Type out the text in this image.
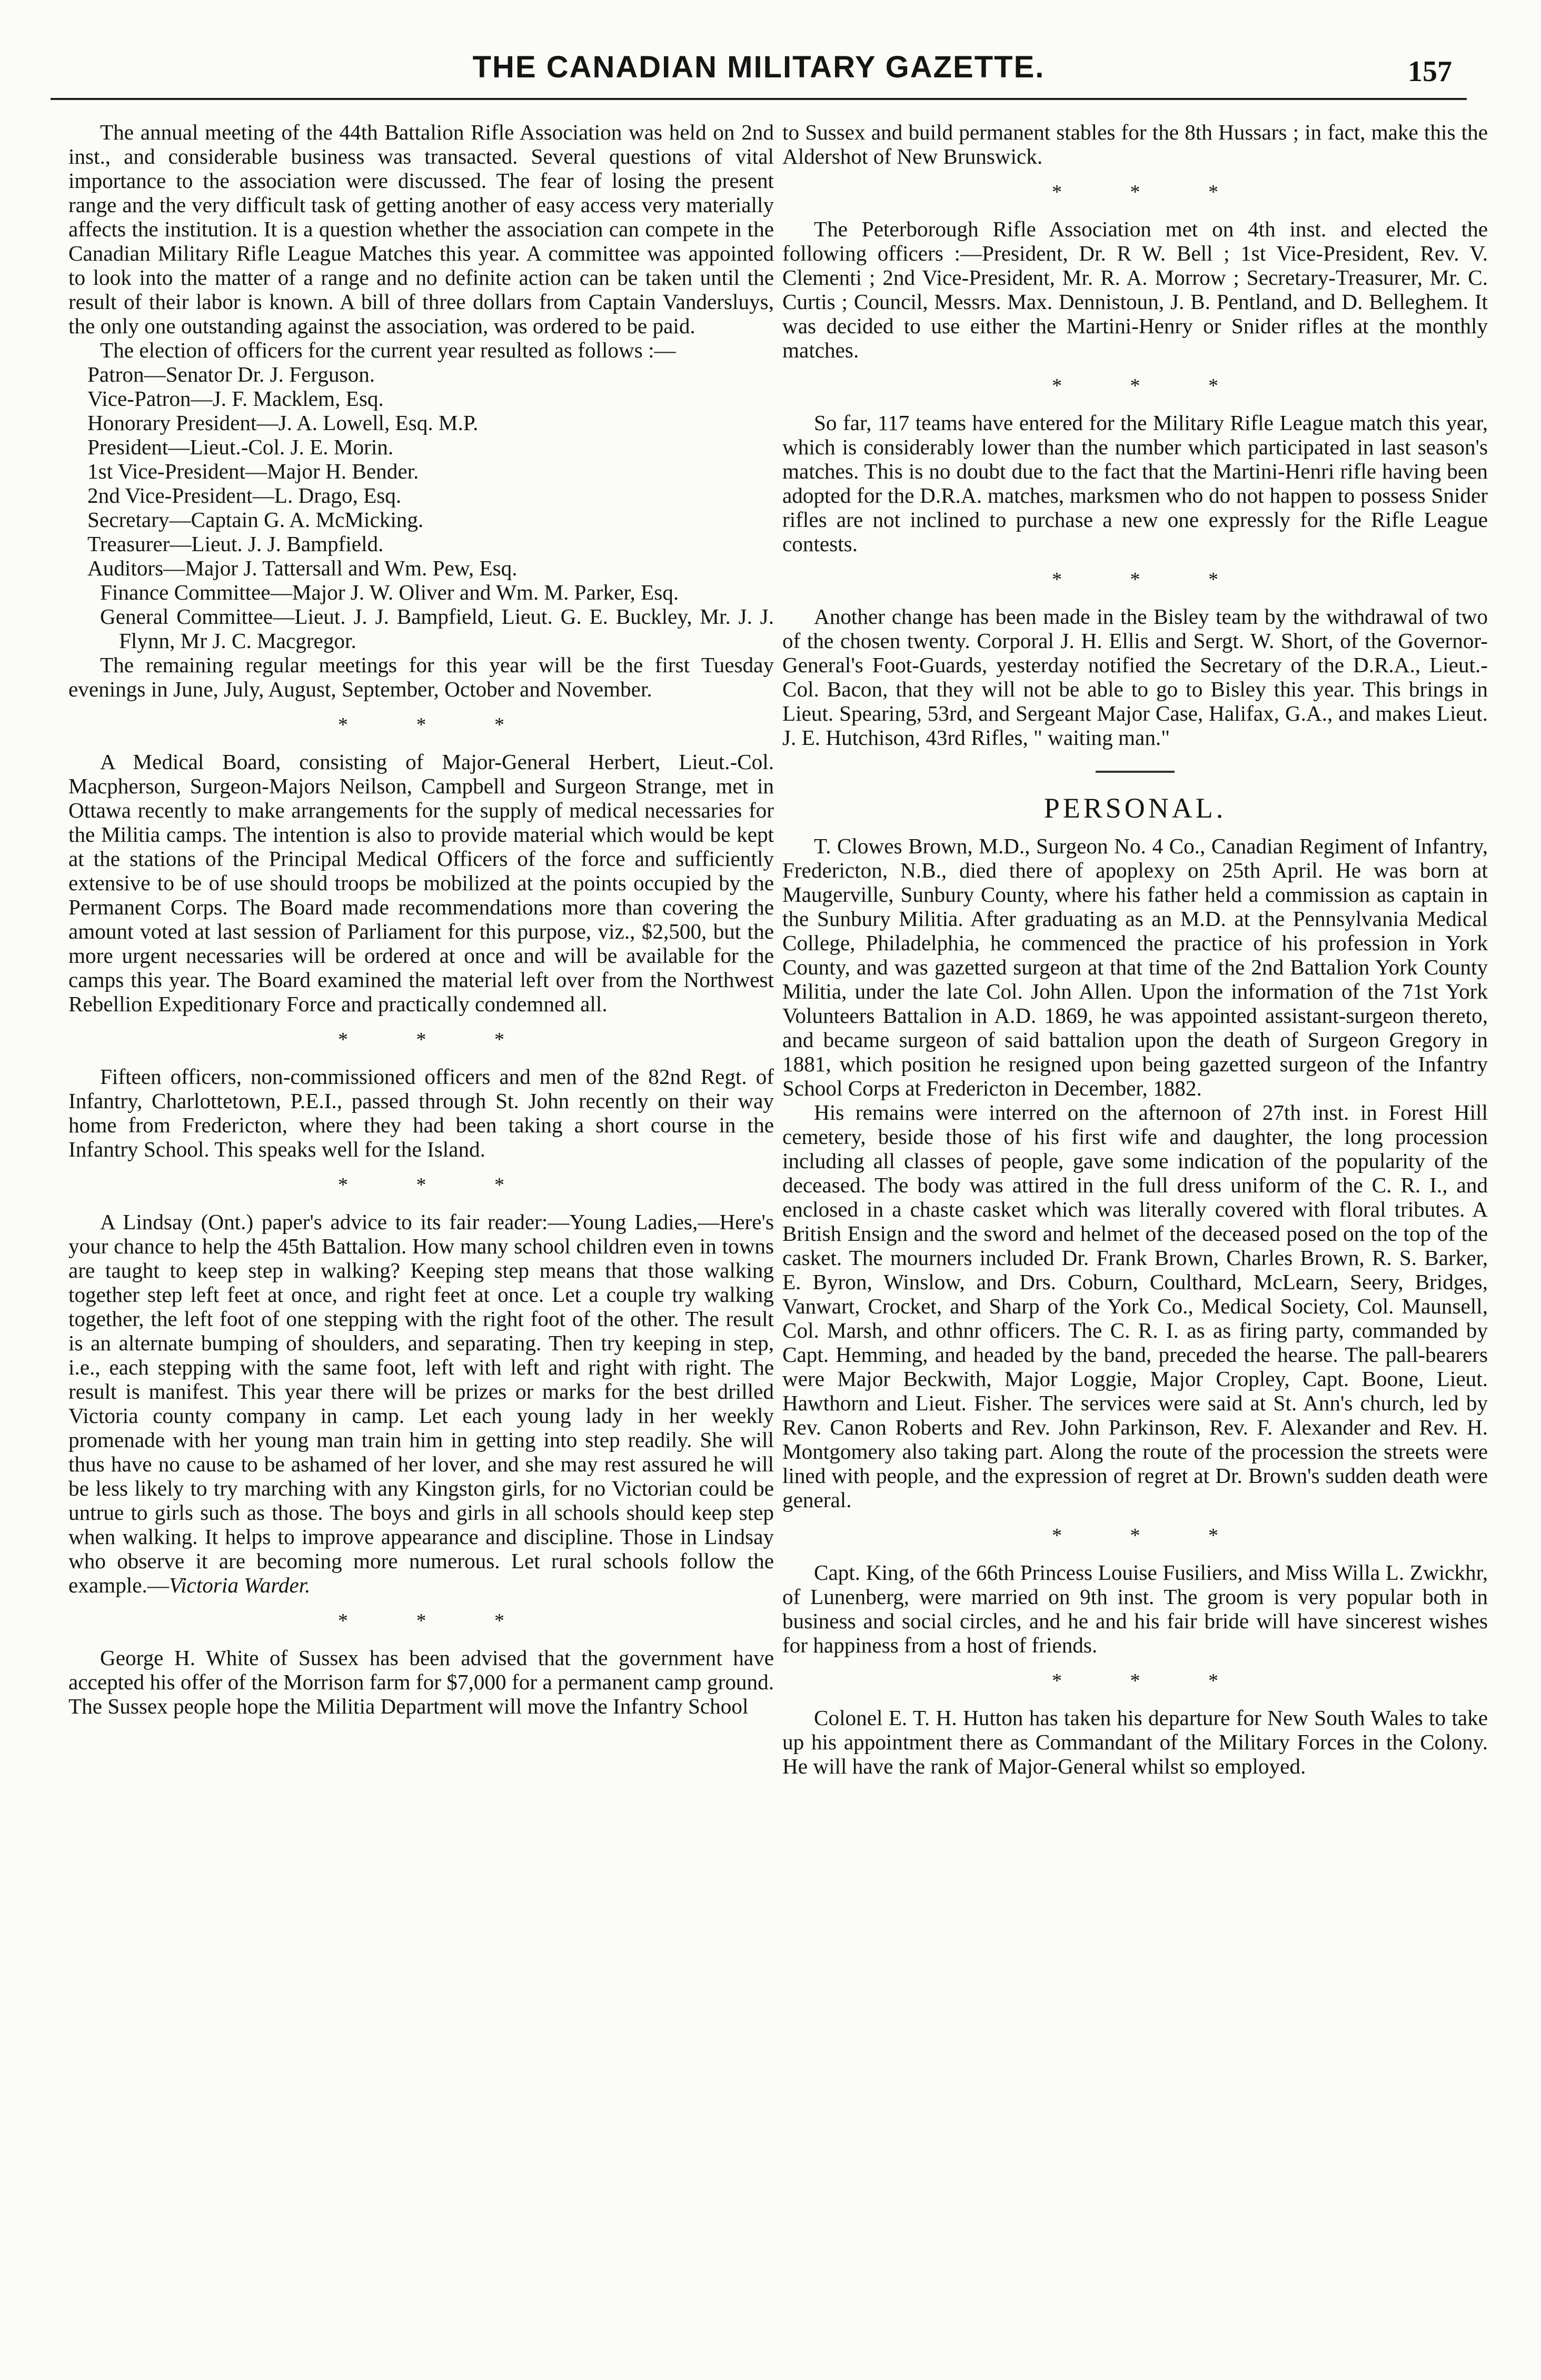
THE CANADIAN MILITARY GAZETTE.	157

The annual meeting of the 44th Battalion Rifle Association was held on 2nd inst., and considerable business was transacted. Several questions of vital importance to the association were discussed. The fear of losing the present range and the very difficult task of getting another of easy access very materially affects the institution. It is a question whether the association can compete in the Canadian Military Rifle League Matches this year. A committee was appointed to look into the matter of a range and no definite action can be taken until the result of their labor is known. A bill of three dollars from Captain Vandersluys, the only one outstanding against the association, was ordered to be paid.

The election of officers for the current year resulted as follows :—

Patron—Senator Dr. J. Ferguson.

Vice-Patron—J. F. Macklem, Esq.

Honorary President—J. A. Lowell, Esq. M.P.

President—Lieut.-Col. J. E. Morin.

1st Vice-President—Major H. Bender.

2nd Vice-President—L. Drago, Esq.

Secretary—Captain G. A. McMicking.

Treasurer—Lieut. J. J. Bampfield.

Auditors—Major J. Tattersall and Wm. Pew, Esq.

Finance Committee—Major J. W. Oliver and Wm. M. Parker, Esq.

General Committee—Lieut. J. J. Bampfield, Lieut. G. E. Buckley, Mr. J. J. Flynn, Mr J. C. Macgregor.

The remaining regular meetings for this year will be the first Tuesday evenings in June, July, August, September, October and November.

* * *

A Medical Board, consisting of Major-General Herbert, Lieut.-Col. Macpherson, Surgeon-Majors Neilson, Campbell and Surgeon Strange, met in Ottawa recently to make arrangements for the supply of medical necessaries for the Militia camps. The intention is also to provide material which would be kept at the stations of the Principal Medical Officers of the force and sufficiently extensive to be of use should troops be mobilized at the points occupied by the Permanent Corps. The Board made recommendations more than covering the amount voted at last session of Parliament for this purpose, viz., $2,500, but the more urgent necessaries will be ordered at once and will be available for the camps this year. The Board examined the material left over from the Northwest Rebellion Expeditionary Force and practically condemned all.

* * *

Fifteen officers, non-commissioned officers and men of the 82nd Regt. of Infantry, Charlottetown, P.E.I., passed through St. John recently on their way home from Fredericton, where they had been taking a short course in the Infantry School. This speaks well for the Island.

* * *

A Lindsay (Ont.) paper's advice to its fair reader:—Young Ladies,—Here's your chance to help the 45th Battalion. How many school children even in towns are taught to keep step in walking? Keeping step means that those walking together step left feet at once, and right feet at once. Let a couple try walking together, the left foot of one stepping with the right foot of the other. The result is an alternate bumping of shoulders, and separating. Then try keeping in step, i.e., each stepping with the same foot, left with left and right with right. The result is manifest. This year there will be prizes or marks for the best drilled Victoria county company in camp. Let each young lady in her weekly promenade with her young man train him in getting into step readily. She will thus have no cause to be ashamed of her lover, and she may rest assured he will be less likely to try marching with any Kingston girls, for no Victorian could be untrue to girls such as those. The boys and girls in all schools should keep step when walking. It helps to improve appearance and discipline. Those in Lindsay who observe it are becoming more numerous. Let rural schools follow the example.—Victoria Warder.

* * *

George H. White of Sussex has been advised that the government have accepted his offer of the Morrison farm for $7,000 for a permanent camp ground. The Sussex people hope the Militia Department will move the Infantry School

to Sussex and build permanent stables for the 8th Hussars ; in fact, make this the Aldershot of New Brunswick.

* * *

The Peterborough Rifle Association met on 4th inst. and elected the following officers :—President, Dr. R W. Bell ; 1st Vice-President, Rev. V. Clementi ; 2nd Vice-President, Mr. R. A. Morrow ; Secretary-Treasurer, Mr. C. Curtis ; Council, Messrs. Max. Dennistoun, J. B. Pentland, and D. Belleghem. It was decided to use either the Martini-Henry or Snider rifles at the monthly matches.

* * *

So far, 117 teams have entered for the Military Rifle League match this year, which is considerably lower than the number which participated in last season's matches. This is no doubt due to the fact that the Martini-Henri rifle having been adopted for the D.R.A. matches, marksmen who do not happen to possess Snider rifles are not inclined to purchase a new one expressly for the Rifle League contests.

* * *

Another change has been made in the Bisley team by the withdrawal of two of the chosen twenty. Corporal J. H. Ellis and Sergt. W. Short, of the Governor-General's Foot-Guards, yesterday notified the Secretary of the D.R.A., Lieut.-Col. Bacon, that they will not be able to go to Bisley this year. This brings in Lieut. Spearing, 53rd, and Sergeant Major Case, Halifax, G.A., and makes Lieut. J. E. Hutchison, 43rd Rifles, " waiting man."

PERSONAL.

T. Clowes Brown, M.D., Surgeon No. 4 Co., Canadian Regiment of Infantry, Fredericton, N.B., died there of apoplexy on 25th April. He was born at Maugerville, Sunbury County, where his father held a commission as captain in the Sunbury Militia. After graduating as an M.D. at the Pennsylvania Medical College, Philadelphia, he commenced the practice of his profession in York County, and was gazetted surgeon at that time of the 2nd Battalion York County Militia, under the late Col. John Allen. Upon the information of the 71st York Volunteers Battalion in A.D. 1869, he was appointed assistant-surgeon thereto, and became surgeon of said battalion upon the death of Surgeon Gregory in 1881, which position he resigned upon being gazetted surgeon of the Infantry School Corps at Fredericton in December, 1882.

His remains were interred on the afternoon of 27th inst. in Forest Hill cemetery, beside those of his first wife and daughter, the long procession including all classes of people, gave some indication of the popularity of the deceased. The body was attired in the full dress uniform of the C. R. I., and enclosed in a chaste casket which was literally covered with floral tributes. A British Ensign and the sword and helmet of the deceased posed on the top of the casket. The mourners included Dr. Frank Brown, Charles Brown, R. S. Barker, E. Byron, Winslow, and Drs. Coburn, Coulthard, McLearn, Seery, Bridges, Vanwart, Crocket, and Sharp of the York Co., Medical Society, Col. Maunsell, Col. Marsh, and othnr officers. The C. R. I. as as firing party, commanded by Capt. Hemming, and headed by the band, preceded the hearse. The pall-bearers were Major Beckwith, Major Loggie, Major Cropley, Capt. Boone, Lieut. Hawthorn and Lieut. Fisher. The services were said at St. Ann's church, led by Rev. Canon Roberts and Rev. John Parkinson, Rev. F. Alexander and Rev. H. Montgomery also taking part. Along the route of the procession the streets were lined with people, and the expression of regret at Dr. Brown's sudden death were general.

* * *

Capt. King, of the 66th Princess Louise Fusiliers, and Miss Willa L. Zwickhr, of Lunenberg, were married on 9th inst. The groom is very popular both in business and social circles, and he and his fair bride will have sincerest wishes for happiness from a host of friends.

* * *

Colonel E. T. H. Hutton has taken his departure for New South Wales to take up his appointment there as Commandant of the Military Forces in the Colony. He will have the rank of Major-General whilst so employed.
